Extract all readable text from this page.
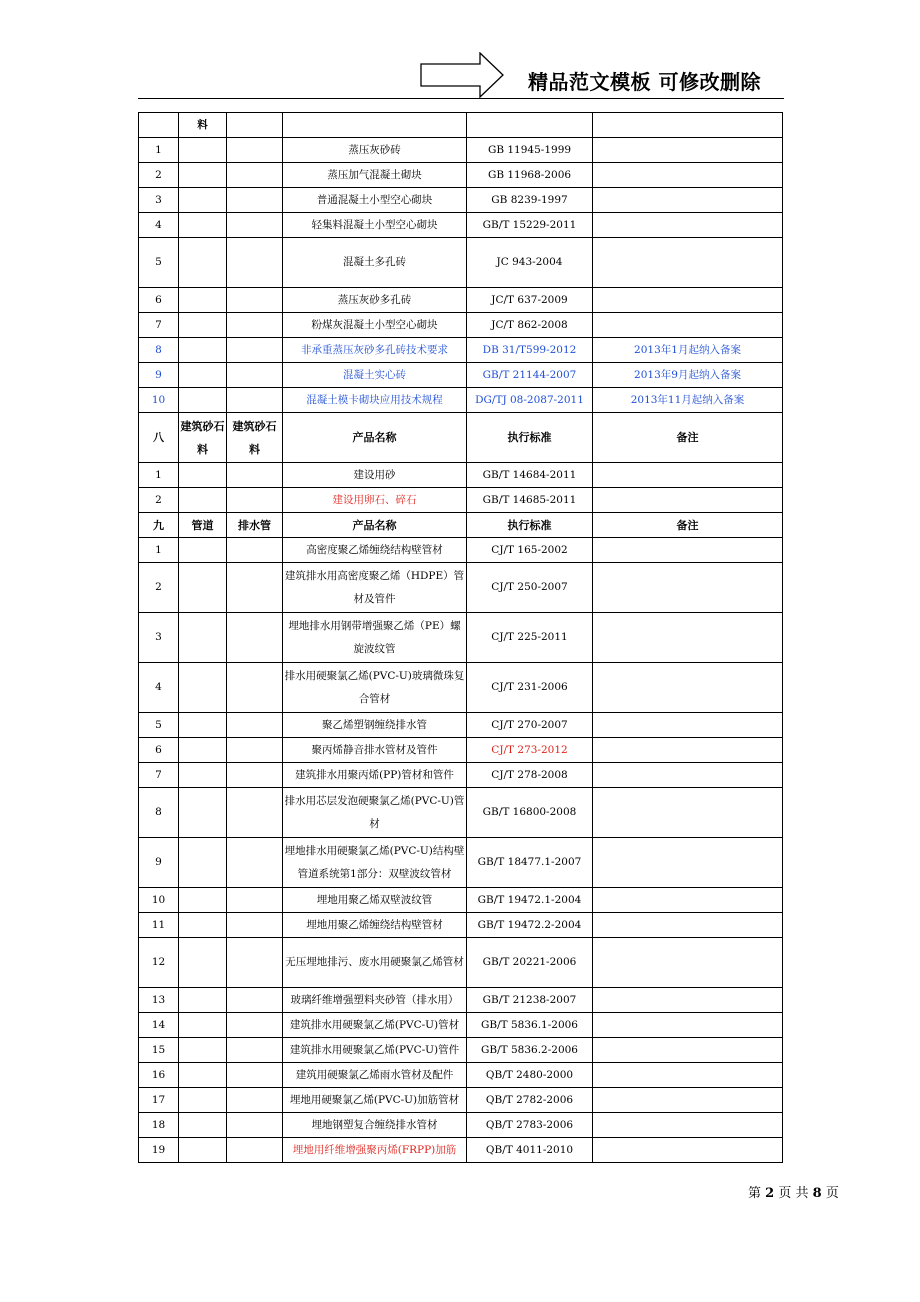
精品范文模板 可修改删除
	料				
1			蒸压灰砂砖	GB 11945-1999	
2			蒸压加气混凝土砌块	GB 11968-2006	
3			普通混凝土小型空心砌块	GB 8239-1997	
4			轻集料混凝土小型空心砌块	GB/T 15229-2011	
5			混凝土多孔砖	JC 943-2004	
6			蒸压灰砂多孔砖	JC/T 637-2009	
7			粉煤灰混凝土小型空心砌块	JC/T 862-2008	
8			非承重蒸压灰砂多孔砖技术要求	DB 31/T599-2012	2013年1月起纳入备案
9			混凝土实心砖	GB/T 21144-2007	2013年9月起纳入备案
10			混凝土模卡砌块应用技术规程	DG/TJ 08-2087-2011	2013年11月起纳入备案
八	建筑砂石料	建筑砂石料	产品名称	执行标准	备注
1			建设用砂	GB/T 14684-2011	
2			建设用卵石、碎石	GB/T 14685-2011	
九	管道	排水管	产品名称	执行标准	备注
1			高密度聚乙烯缠绕结构壁管材	CJ/T 165-2002	
2			建筑排水用高密度聚乙烯（HDPE）管材及管件	CJ/T 250-2007	
3			埋地排水用钢带增强聚乙烯（PE）螺旋波纹管	CJ/T 225-2011	
4			排水用硬聚氯乙烯(PVC-U)玻璃微珠复合管材	CJ/T 231-2006	
5			聚乙烯塑钢缠绕排水管	CJ/T 270-2007	
6			聚丙烯静音排水管材及管件	CJ/T 273-2012	
7			建筑排水用聚丙烯(PP)管材和管件	CJ/T 278-2008	
8			排水用芯层发泡硬聚氯乙烯(PVC-U)管材	GB/T 16800-2008	
9			埋地排水用硬聚氯乙烯(PVC-U)结构壁管道系统第1部分：双壁波纹管材	GB/T 18477.1-2007	
10			埋地用聚乙烯双壁波纹管	GB/T 19472.1-2004	
11			埋地用聚乙烯缠绕结构壁管材	GB/T 19472.2-2004	
12			无压埋地排污、废水用硬聚氯乙烯管材	GB/T 20221-2006	
13			玻璃纤维增强塑料夹砂管（排水用）	GB/T 21238-2007	
14			建筑排水用硬聚氯乙烯(PVC-U)管材	GB/T 5836.1-2006	
15			建筑排水用硬聚氯乙烯(PVC-U)管件	GB/T 5836.2-2006	
16			建筑用硬聚氯乙烯雨水管材及配件	QB/T 2480-2000	
17			埋地用硬聚氯乙烯(PVC-U)加筋管材	QB/T 2782-2006	
18			埋地钢塑复合缠绕排水管材	QB/T 2783-2006	
19			埋地用纤维增强聚丙烯(FRPP)加筋	QB/T 4011-2010	
第 2 页 共 8 页
